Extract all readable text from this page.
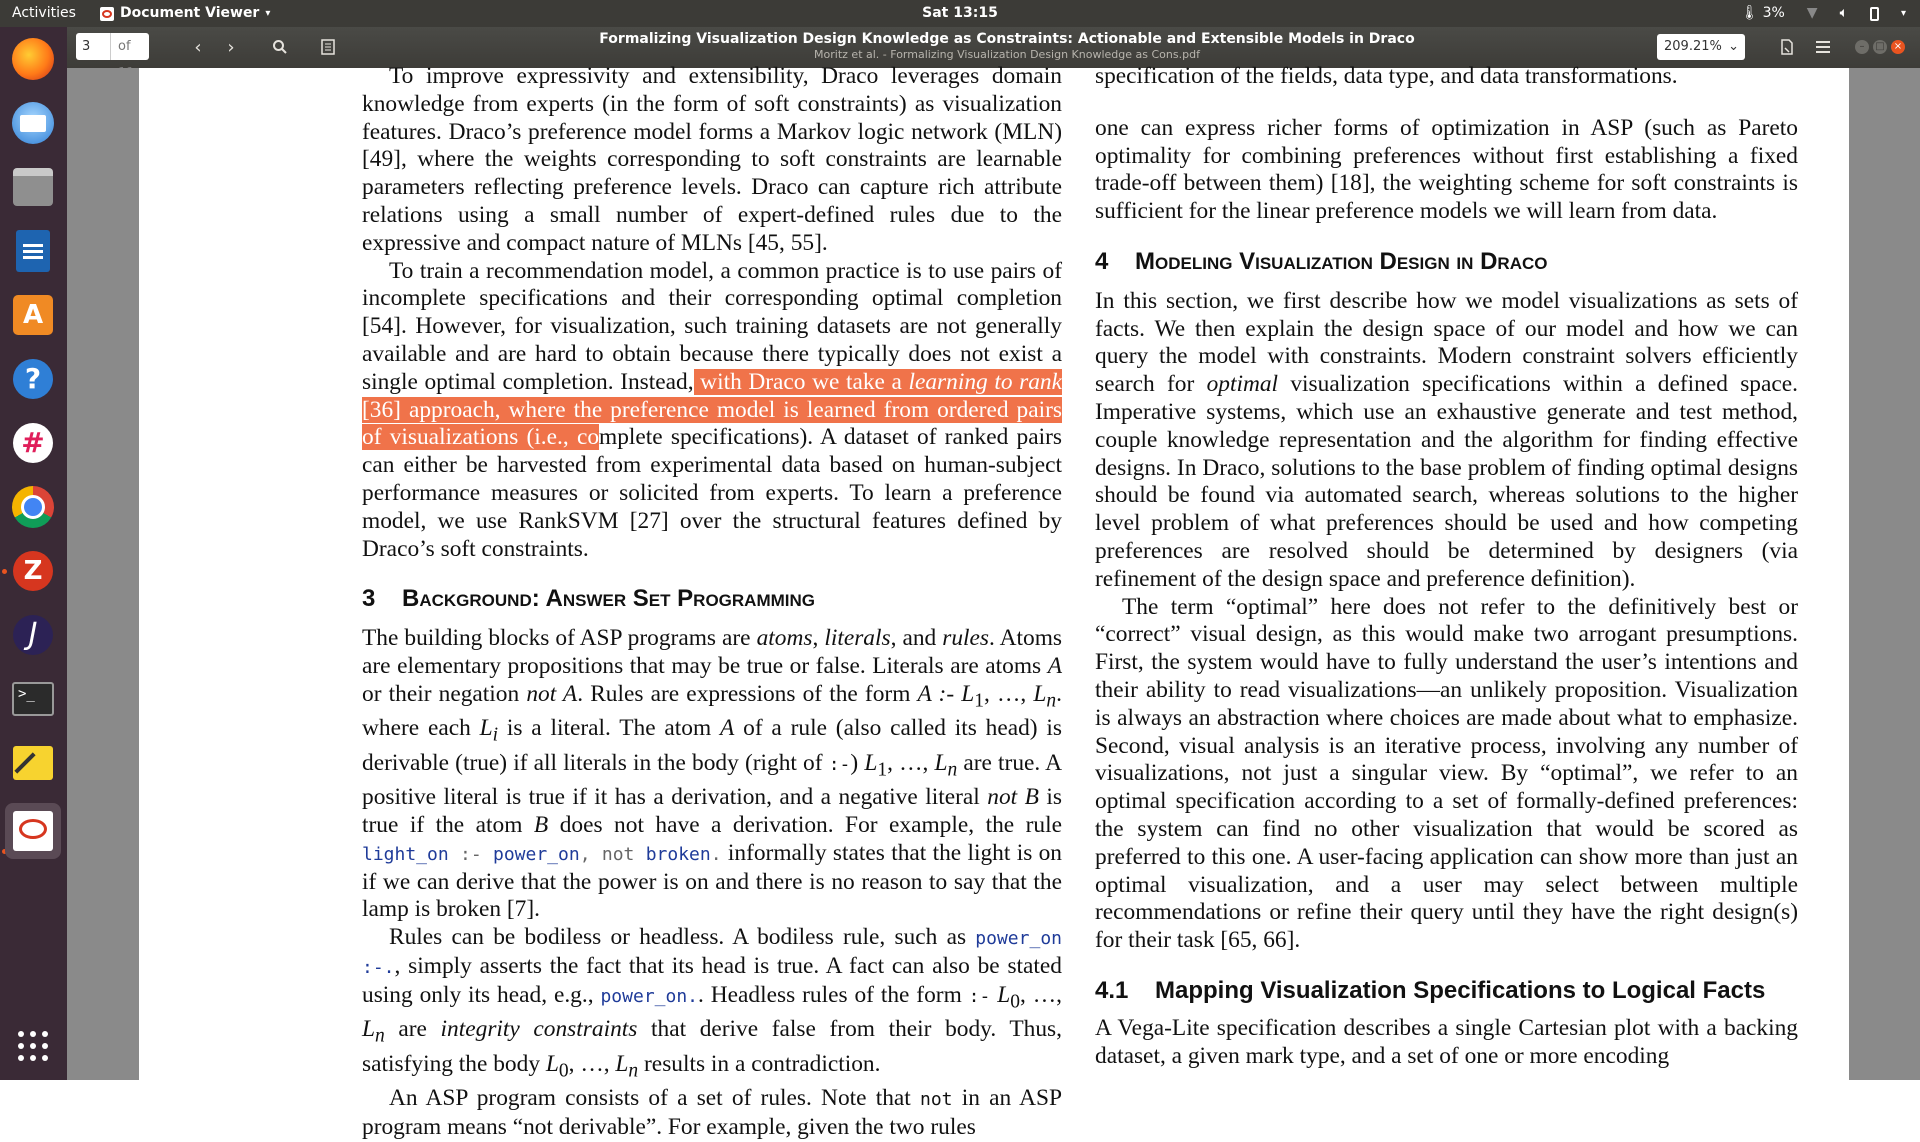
Activities	Document Viewer ▾	Sat 13:15	🌡︎ 3% ▼ 🔈︎	▾
A
?
#
Z
J
>_
3	of	‹ ›	Formalizing Visualization Design Knowledge as Constraints: Actionable and Extensible Models in Draco
Moritz et al. - Formalizing Visualization Design Knowledge as Cons.pdf
209.21% ⌄	–	□ ×

To improve expressivity and extensibility, Draco leverages domain knowledge from experts (in the form of soft constraints) as visualization features. Draco’s preference model forms a Markov logic network (MLN) [49], where the weights corresponding to soft constraints are learnable parameters reflecting preference levels. Draco can capture rich attribute relations using a small number of expert-defined rules due to the expressive and compact nature of MLNs [45, 55].

To train a recommendation model, a common practice is to use pairs of incomplete specifications and their corresponding optimal completion [54]. However, for visualization, such training datasets are not generally available and are hard to obtain because there typically does not exist a single optimal completion. Instead, with Draco we take a learning to rank [36] approach, where the preference model is learned from ordered pairs of visualizations (i.e., complete specifications). A dataset of ranked pairs can either be harvested from experimental data based on human-subject performance measures or solicited from experts. To learn a preference model, we use RankSVM [27] over the structural features defined by Draco’s soft constraints.

3 Background: Answer Set Programming

The building blocks of ASP programs are atoms, literals, and rules. Atoms are elementary propositions that may be true or false. Literals are atoms A or their negation not A. Rules are expressions of the form A :- $L_1$, …, $L_n$. where each $L_i$ is a literal. The atom A of a rule (also called its head) is derivable (true) if all literals in the body (right of :-) $L_1$, …, $L_n$ are true. A positive literal is true if it has a derivation, and a negative literal not B is true if the atom B does not have a derivation. For example, the rule light_on :- power_on, not broken. informally states that the light is on if we can derive that the power is on and there is no reason to say that the lamp is broken [7].

Rules can be bodiless or headless. A bodiless rule, such as power_on :-., simply asserts the fact that its head is true. A fact can also be stated using only its head, e.g., power_on.. Headless rules of the form :- $L_0$, …, $L_n$ are integrity constraints that derive false from their body. Thus, satisfying the body $L_0$, …, $L_n$ results in a contradiction.

An ASP program consists of a set of rules. Note that not in an ASP program means “not derivable”. For example, given the two rules

specification of the fields, data type, and data transformations.

one can express richer forms of optimization in ASP (such as Pareto optimality for combining preferences without first establishing a fixed trade-off between them) [18], the weighting scheme for soft constraints is sufficient for the linear preference models we will learn from data.

4 Modeling Visualization Design in Draco

In this section, we first describe how we model visualizations as sets of facts. We then explain the design space of our model and how we can query the model with constraints. Modern constraint solvers efficiently search for optimal visualization specifications within a defined space. Imperative systems, which use an exhaustive generate and test method, couple knowledge representation and the algorithm for finding effective designs. In Draco, solutions to the base problem of finding optimal designs should be found via automated search, whereas solutions to the higher level problem of what preferences should be used and how competing preferences are resolved should be determined by designers (via refinement of the design space and preference definition).

The term “optimal” here does not refer to the definitively best or “correct” visual design, as this would make two arrogant presumptions. First, the system would have to fully understand the user’s intentions and their ability to read visualizations—an unlikely proposition. Visualization is always an abstraction where choices are made about what to emphasize. Second, visual analysis is an iterative process, involving any number of visualizations, not just a singular view. By “optimal”, we refer to an optimal specification according to a set of formally-defined preferences: the system can find no other visualization that would be scored as preferred to this one. A user-facing application can show more than just an optimal visualization, and a user may select between multiple recommendations or refine their query until they have the right design(s) for their task [65, 66].

4.1 Mapping Visualization Specifications to Logical Facts

A Vega-Lite specification describes a single Cartesian plot with a backing dataset, a given mark type, and a set of one or more encoding
